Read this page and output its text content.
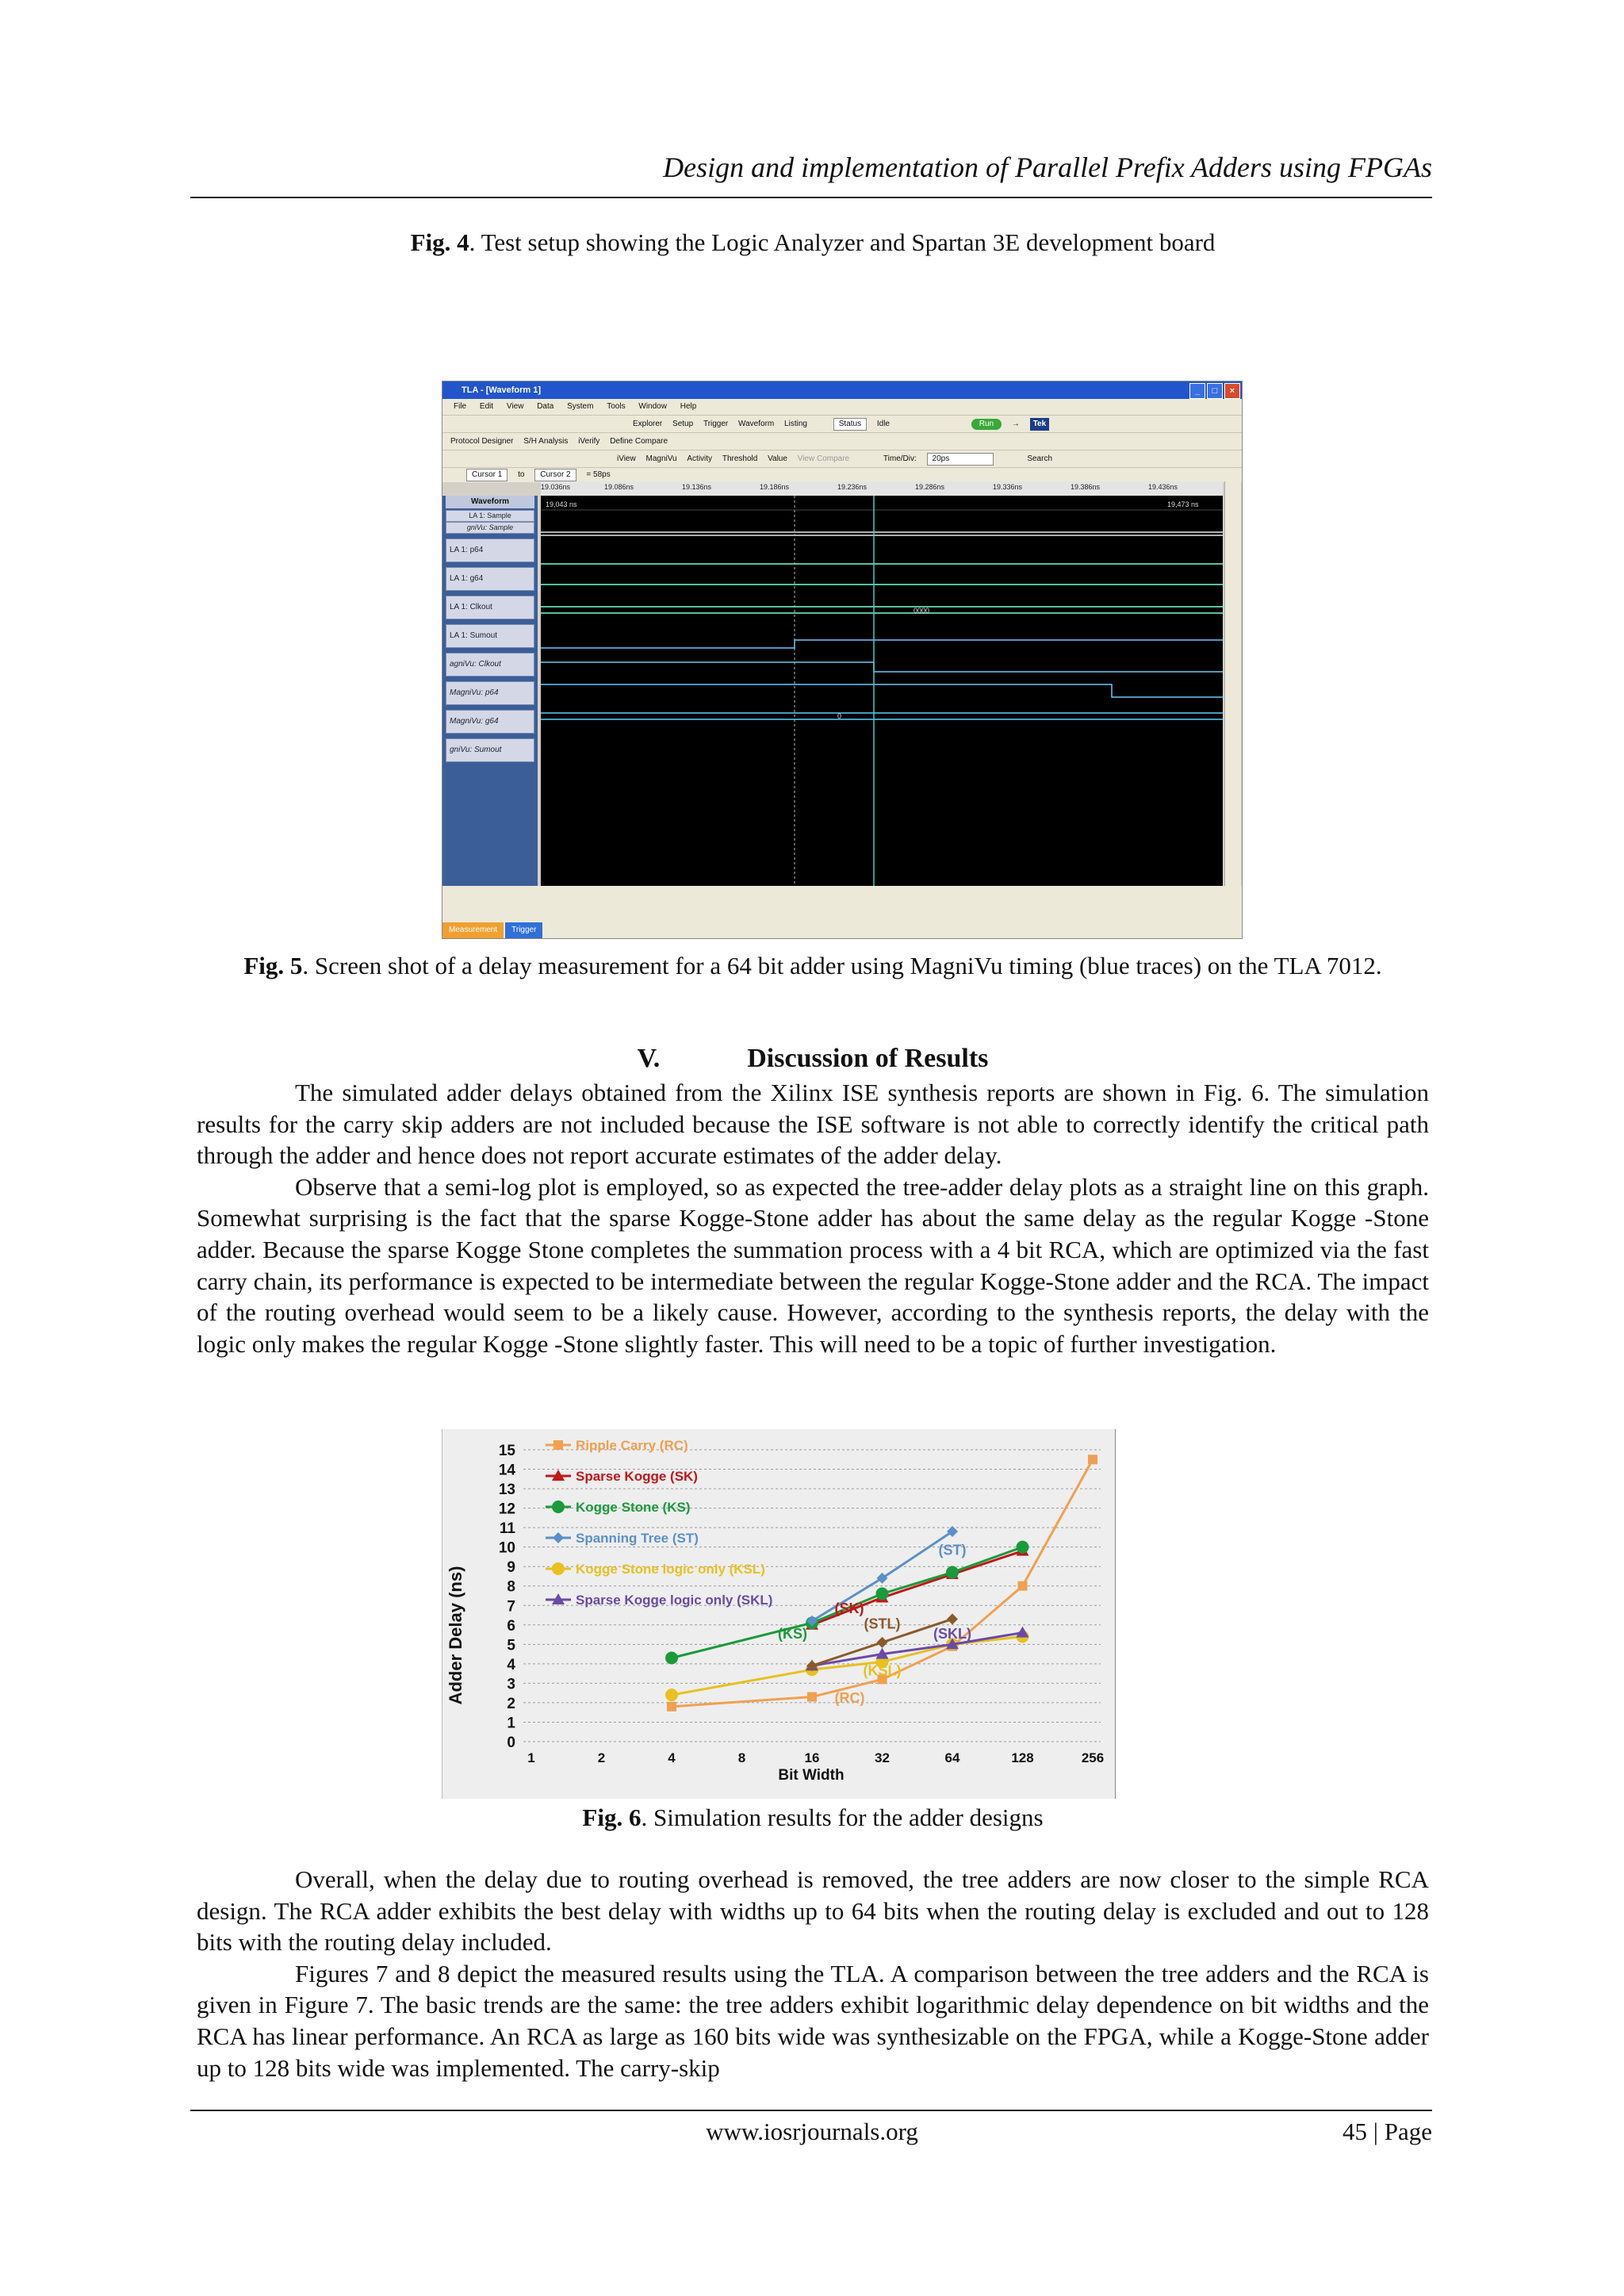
Design and implementation of Parallel Prefix Adders using FPGAs
Fig. 4. Test setup showing the Logic Analyzer and Spartan 3E development board
TLA - [Waveform 1]	_	□	×
File Edit View Data System Tools Window Help
Explorer Setup Trigger Waveform Listing	Status Idle	Run → Tek
Protocol Designer S/H Analysis iVerify Define Compare
iView MagniVu Activity Threshold Value View Compare	Time/Div: 20ps	Search
Cursor 1 to Cursor 2 = 58ps
19.036ns	19.086ns	19.136ns	19.186ns	19.236ns	19.286ns	19.336ns	19.386ns	19.436ns
Waveform
LA 1: Sample
gniVu: Sample
LA 1: p64
LA 1: g64
LA 1: Clkout
LA 1: Sumout
agniVu: Clkout
MagniVu: p64
MagniVu: g64
gniVu: Sumout
19,043 ns	19,473 ns
0000
0
Measurement Trigger
Fig. 5. Screen shot of a delay measurement for a 64 bit adder using MagniVu timing (blue traces) on the TLA 7012.
V.	Discussion of Results

The simulated adder delays obtained from the Xilinx ISE synthesis reports are shown in Fig. 6. The simulation results for the carry skip adders are not included because the ISE software is not able to correctly identify the critical path through the adder and hence does not report accurate estimates of the adder delay.

Observe that a semi-log plot is employed, so as expected the tree-adder delay plots as a straight line on this graph. Somewhat surprising is the fact that the sparse Kogge-Stone adder has about the same delay as the regular Kogge -Stone adder. Because the sparse Kogge Stone completes the summation process with a 4 bit RCA, which are optimized via the fast carry chain, its performance is expected to be intermediate between the regular Kogge-Stone adder and the RCA. The impact of the routing overhead would seem to be a likely cause. However, according to the synthesis reports, the delay with the logic only makes the regular Kogge -Stone slightly faster. This will need to be a topic of further investigation.

0
1
2
3
4
5
6
7
8
9
10
11
12
13
14
15
1	2	4	8	16	32	64	128	256
Adder Delay (ns)
Bit Width
Ripple Carry (RC)
Sparse Kogge (SK)
Kogge Stone (KS)
Spanning Tree (ST)
Kogge Stone logic only (KSL)
Sparse Kogge logic only (SKL)
(RC)
(SK)
(KS)
(ST)
(KSL)
(SKL)
(STL)
Fig. 6. Simulation results for the adder designs

Overall, when the delay due to routing overhead is removed, the tree adders are now closer to the simple RCA design. The RCA adder exhibits the best delay with widths up to 64 bits when the routing delay is excluded and out to 128 bits with the routing delay included.

Figures 7 and 8 depict the measured results using the TLA. A comparison between the tree adders and the RCA is given in Figure 7. The basic trends are the same: the tree adders exhibit logarithmic delay dependence on bit widths and the RCA has linear performance. An RCA as large as 160 bits wide was synthesizable on the FPGA, while a Kogge-Stone adder up to 128 bits wide was implemented. The carry-skip

www.iosrjournals.org	45 | Page
